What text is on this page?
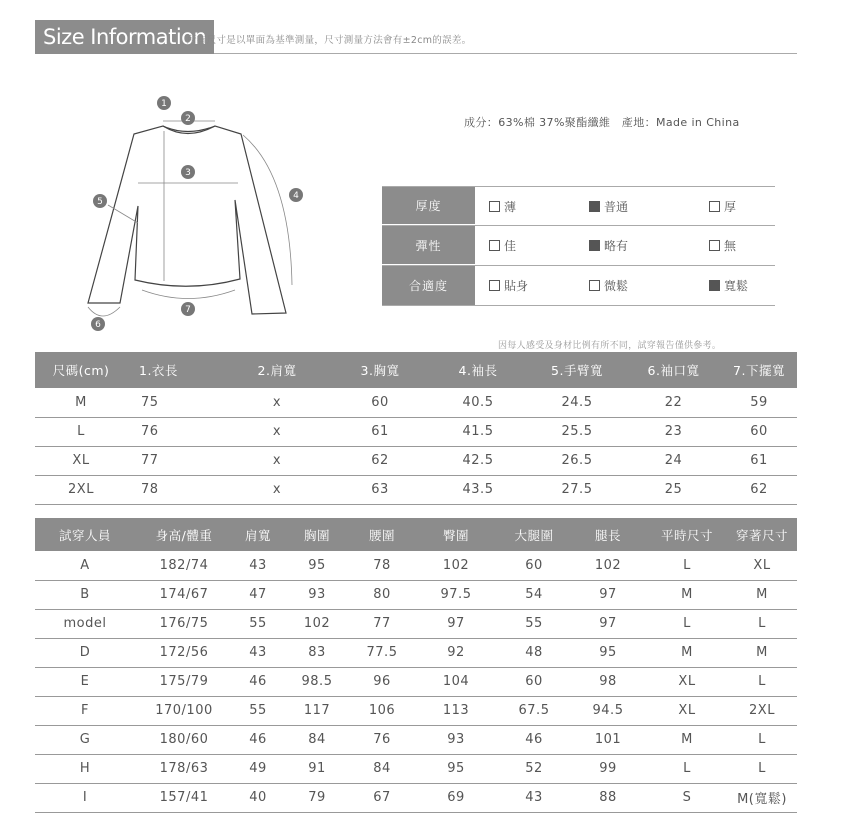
Size Information
所有尺寸是以單面為基準測量，尺寸測量方法會有±2cm的誤差。
1
2
3
4
5
6
7
成分：63%棉 37%聚酯纖維　產地：Made in China
厚度	薄	普通	厚
彈性	佳	略有	無
合適度	貼身	微鬆	寬鬆
因每人感受及身材比例有所不同，試穿報告僅供參考。
尺碼(cm)	1.衣長	2.肩寬	3.胸寬	4.袖長	5.手臂寬	6.袖口寬	7.下擺寬
M	75	x	60	40.5	24.5	22	59
L	76	x	61	41.5	25.5	23	60
XL	77	x	62	42.5	26.5	24	61
2XL	78	x	63	43.5	27.5	25	62
試穿人員	身高/體重	肩寬	胸圍	腰圍	臀圍	大腿圍	腿長	平時尺寸	穿著尺寸
A	182/74	43	95	78	102	60	102	L	XL
B	174/67	47	93	80	97.5	54	97	M	M
model	176/75	55	102	77	97	55	97	L	L
D	172/56	43	83	77.5	92	48	95	M	M
E	175/79	46	98.5	96	104	60	98	XL	L
F	170/100	55	117	106	113	67.5	94.5	XL	2XL
G	180/60	46	84	76	93	46	101	M	L
H	178/63	49	91	84	95	52	99	L	L
I	157/41	40	79	67	69	43	88	S	M(寬鬆)
